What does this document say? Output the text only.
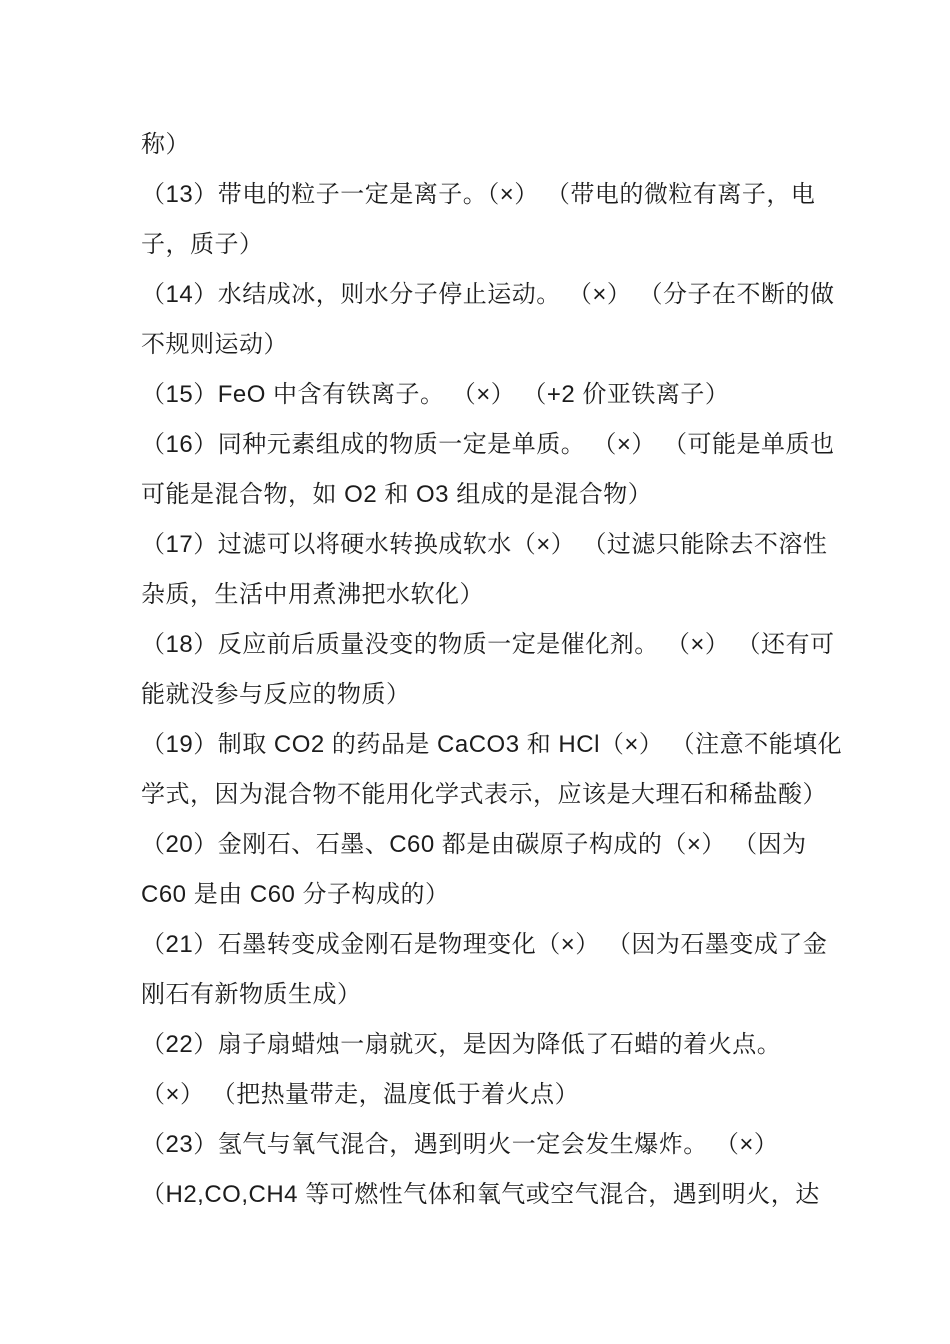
称）
（13）带电的粒子一定是离子。（×） （带电的微粒有离子，电
子，质子）
（14）水结成冰，则水分子停止运动。 （×） （分子在不断的做
不规则运动）
（15）FeO 中含有铁离子。 （×） （+2 价亚铁离子）
（16）同种元素组成的物质一定是单质。 （×） （可能是单质也
可能是混合物，如 O2 和 O3 组成的是混合物）
（17）过滤可以将硬水转换成软水（×） （过滤只能除去不溶性
杂质，生活中用煮沸把水软化）
（18）反应前后质量没变的物质一定是催化剂。 （×） （还有可
能就没参与反应的物质）
（19）制取 CO2 的药品是 CaCO3 和 HCl（×） （注意不能填化
学式，因为混合物不能用化学式表示，应该是大理石和稀盐酸）
（20）金刚石、石墨、C60 都是由碳原子构成的（×） （因为
C60 是由 C60 分子构成的）
（21）石墨转变成金刚石是物理变化（×） （因为石墨变成了金
刚石有新物质生成）
（22）扇子扇蜡烛一扇就灭，是因为降低了石蜡的着火点。
（×） （把热量带走，温度低于着火点）
（23）氢气与氧气混合，遇到明火一定会发生爆炸。 （×）
（H2,CO,CH4 等可燃性气体和氧气或空气混合，遇到明火，达
